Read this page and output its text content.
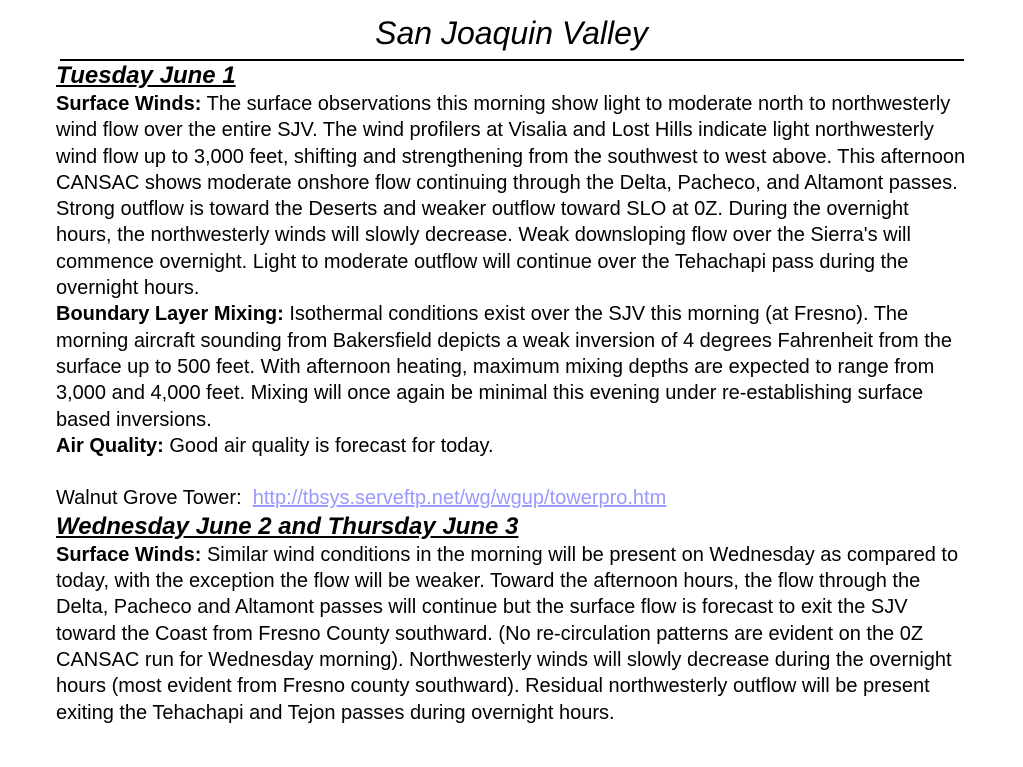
San Joaquin Valley

Tuesday June 1

Surface Winds: The surface observations this morning show light to moderate north to northwesterly wind flow over the entire SJV. The wind profilers at Visalia and Lost Hills indicate light northwesterly wind flow up to 3,000 feet, shifting and strengthening from the southwest to west above. This afternoon CANSAC shows moderate onshore flow continuing through the Delta, Pacheco, and Altamont passes. Strong outflow is toward the Deserts and weaker outflow toward SLO at 0Z. During the overnight hours, the northwesterly winds will slowly decrease. Weak downsloping flow over the Sierra's will commence overnight. Light to moderate outflow will continue over the Tehachapi pass during the overnight hours.

Boundary Layer Mixing: Isothermal conditions exist over the SJV this morning (at Fresno). The morning aircraft sounding from Bakersfield depicts a weak inversion of 4 degrees Fahrenheit from the surface up to 500 feet. With afternoon heating, maximum mixing depths are expected to range from 3,000 and 4,000 feet. Mixing will once again be minimal this evening under re-establishing surface based inversions.

Air Quality: Good air quality is forecast for today.

Walnut Grove Tower:  http://tbsys.serveftp.net/wg/wgup/towerpro.htm

Wednesday June 2 and Thursday June 3

Surface Winds: Similar wind conditions in the morning will be present on Wednesday as compared to today, with the exception the flow will be weaker. Toward the afternoon hours, the flow through the Delta, Pacheco and Altamont passes will continue but the surface flow is forecast to exit the SJV toward the Coast from Fresno County southward. (No re-circulation patterns are evident on the 0Z CANSAC run for Wednesday morning). Northwesterly winds will slowly decrease during the overnight hours (most evident from Fresno county southward). Residual northwesterly outflow will be present exiting the Tehachapi and Tejon passes during overnight hours.
